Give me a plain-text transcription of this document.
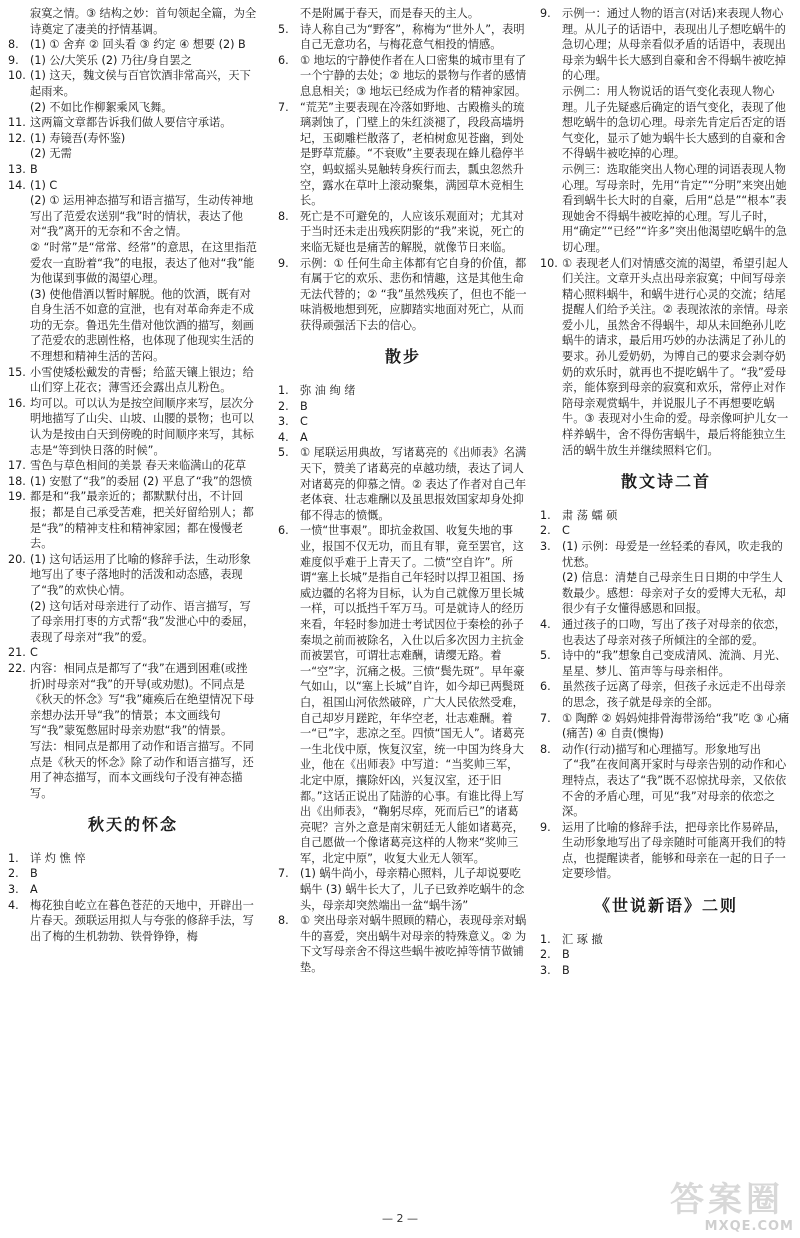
寂寞之情。③ 结构之妙：首句领起全篇，为全诗奠定了凄美的抒情基调。

8. (1) ① 舍弃 ② 回头看 ③ 约定 ④ 想要 (2) B

9. (1) 公/大笑乐 (2) 乃往/身自罢之

10. (1) 这天，魏文侯与百官饮酒非常高兴，天下起雨来。

(2) 不如比作柳絮乘风飞舞。

11. 这两篇文章都告诉我们做人要信守承诺。

12. (1) 寿镜吾(寿怀鉴)

(2) 无需

13. B

14. (1) C

(2) ① 运用神态描写和语言描写，生动传神地写出了范爱农送别“我”时的情状，表达了他对“我”离开的无奈和不舍之情。

② “时常”是“常常、经常”的意思，在这里指范爱农一直盼着“我”的电报，表达了他对“我”能为他谋到事做的渴望心理。

(3) 使他借酒以暂时解脱。他的饮酒，既有对自身生活不如意的宣泄，也有对革命奔走不成功的无奈。鲁迅先生借对他饮酒的描写，刻画了范爱农的悲剧性格，也体现了他现实生活的不理想和精神生活的苦闷。

15. 小雪使矮松戴发的青髻；给蓝天镶上银边；给山们穿上花衣；薄雪还会露出点儿粉色。

16. 均可以。可以认为是按空间顺序来写，层次分明地描写了山尖、山坡、山腰的景物；也可以认为是按由白天到傍晚的时间顺序来写，其标志是“等到快日落的时候”。

17. 雪色与草色相间的美景 春天来临满山的花草

18. (1) 安慰了“我”的委屈 (2) 平息了“我”的怨愤

19. 都是和“我”最亲近的；都默默付出，不计回报；都是自己承受苦难，把关好留给别人；都是“我”的精神支柱和精神家园；都在慢慢老去。

20. (1) 这句话运用了比喻的修辞手法，生动形象地写出了枣子落地时的活泼和动态感，表现了“我”的欢快心情。

(2) 这句话对母亲进行了动作、语言描写，写了母亲用打枣的方式帮“我”发泄心中的委屈，表现了母亲对“我”的爱。

21. C

22. 内容：相同点是都写了“我”在遇到困难(或挫折)时母亲对“我”的开导(或劝慰)。不同点是《秋天的怀念》写“我”瘫痪后在绝望情况下母亲想办法开导“我”的情景；本文画线句写“我”蒙冤憋屈时母亲劝慰“我”的情景。

写法：相同点是都用了动作和语言描写。不同点是《秋天的怀念》除了动作和语言描写，还用了神态描写，而本文画线句子没有神态描写。

秋天的怀念

1. 详 灼 憔 悴

2. B

3. A

4. 梅花独自屹立在暮色苍茫的天地中，开辟出一片春天。颈联运用拟人与夸张的修辞手法，写出了梅的生机勃勃、铁骨铮铮，梅

不是附属于春天，而是春天的主人。

5. 诗人称自己为“野客”，称梅为“世外人”，表明自己无意功名，与梅花意气相投的情感。

6. ① 地坛的宁静使作者在人口密集的城市里有了一个宁静的去处；② 地坛的景物与作者的感情息息相关；③ 地坛已经成为作者的精神家园。

7. “荒芜”主要表现在冷落如野地、古殿檐头的琉璃剥蚀了，门壁上的朱红淡褪了，段段高墙坍圮，玉砌雕栏散落了，老柏树愈见苍幽，到处是野草荒藤。“不衰败”主要表现在蜂儿稳停半空，蚂蚁摇头晃触转身疾行而去，瓢虫忽然升空，露水在草叶上滚动聚集，满园草木竞相生长。

8. 死亡是不可避免的，人应该乐观面对；尤其对于当时还未走出残疾阴影的“我”来说，死亡的来临无疑也是痛苦的解脱，就像节日来临。

9. 示例：① 任何生命主体都有它自身的价值，都有属于它的欢乐、悲伤和情趣，这是其他生命无法代替的；② “我”虽然残疾了，但也不能一味消极地想到死，应脚踏实地面对死亡，从而获得顽强活下去的信心。

散步

1. 弥 油 绚 绪

2. B

3. C

4. A

5. ① 尾联运用典故，写诸葛亮的《出师表》名满天下，赞美了诸葛亮的卓越功绩，表达了词人对诸葛亮的仰慕之情。② 表达了作者对自己年老体衰、壮志难酬以及虽思报效国家却身处抑郁不得志的愤慨。

6. 一愤“世事艰”。即抗金救国、收复失地的事业，报国不仅无功，而且有罪，竟至罢官，这难度似乎难于上青天了。二愤“空自许”。所谓“塞上长城”是指自己年轻时以捍卫祖国、扬威边疆的名将为目标，认为自己就像万里长城一样，可以抵挡千军万马。可是就诗人的经历来看，年轻时参加进士考试因位于秦桧的孙子秦埙之前而被除名，入仕以后多次因力主抗金而被罢官，可谓壮志难酬，请缨无路。着一“空”字，沉痛之极。三愤“鬓先斑”。早年豪气如山，以“塞上长城”自许，如今却已两鬓斑白，祖国山河依然破碎，广大人民依然受难，自己却岁月蹉跎，年华空老，壮志难酬。着一“已”字，悲凉之至。四愤“国无人”。诸葛亮一生北伐中原，恢复汉室，统一中国为终身大业，他在《出师表》中写道：“当奖帅三军，北定中原，攘除奸凶，兴复汉室，还于旧都。”这话正说出了陆游的心事。有谁比得上写出《出师表》，“鞠躬尽瘁，死而后已”的诸葛亮呢？言外之意是南宋朝廷无人能如诸葛亮，自己愿做一个像诸葛亮这样的人物来“奖帅三军，北定中原”，收复大业无人领军。

7. (1) 蜗牛尚小，母亲精心照料，儿子却说要吃蜗牛 (3) 蜗牛长大了，儿子已致养吃蜗牛的念头，母亲却突然端出一盆“蜗牛汤”

8. ① 突出母亲对蜗牛照顾的精心，表现母亲对蜗牛的喜爱，突出蜗牛对母亲的特殊意义。② 为下文写母亲舍不得这些蜗牛被吃掉等情节做铺垫。

9. 示例一：通过人物的语言(对话)来表现人物心理。从儿子的话语中，表现出儿子想吃蜗牛的急切心理；从母亲看似矛盾的话语中，表现出母亲为蜗牛长大感到自豪和舍不得蜗牛被吃掉的心理。

示例二：用人物说话的语气变化表现人物心理。儿子先疑惑后确定的语气变化，表现了他想吃蜗牛的急切心理。母亲先肯定后否定的语气变化，显示了她为蜗牛长大感到的自豪和舍不得蜗牛被吃掉的心理。

示例三：选取能突出人物心理的词语表现人物心理。写母亲时，先用“肯定”“分明”来突出她看到蜗牛长大时的自豪，后用“总是”“根本”表现她舍不得蜗牛被吃掉的心理。写儿子时，用“确定”“已经”“许多”突出他渴望吃蜗牛的急切心理。

10. ① 表现老人们对情感交流的渴望，希望引起人们关注。文章开头点出母亲寂寞；中间写母亲精心照料蜗牛，和蜗牛进行心灵的交流；结尾提醒人们给予关注。② 表现浓浓的亲情。母亲爱小儿，虽然舍不得蜗牛，却从未回绝孙儿吃蜗牛的请求，最后用巧妙的办法满足了孙儿的要求。孙儿爱奶奶，为博自己的要求会剥夺奶奶的欢乐时，就再也不提吃蜗牛了。“我”爱母亲，能体察到母亲的寂寞和欢乐，常停止对作陪母亲观赏蜗牛，并说服儿子不再想要吃蜗牛。③ 表现对小生命的爱。母亲像呵护儿女一样养蜗牛，舍不得伤害蜗牛，最后将能独立生活的蜗牛放生并继续照料它们。

散文诗二首

1. 肃 荡 蠕 硕

2. C

3. (1) 示例：母爱是一丝轻柔的春风，吹走我的忧愁。

(2) 信息：清楚自己母亲生日日期的中学生人数最少。感想：母亲对子女的爱博大无私，却很少有子女懂得感恩和回报。

4. 通过孩子的口吻，写出了孩子对母亲的依恋，也表达了母亲对孩子所倾注的全部的爱。

5. 诗中的“我”想象自己变成清风、流淌、月光、星星、梦儿、笛声等与母亲相伴。

6. 虽然孩子远离了母亲，但孩子永远走不出母亲的思念，孩子就是母亲的全部。

7. ① 陶醉 ② 妈妈炖排骨海带汤给“我”吃 ③ 心痛(痛苦) ④ 自责(懊悔)

8. 动作(行动)描写和心理描写。形象地写出了“我”在夜间离开家时与母亲告别的动作和心理特点，表达了“我”既不忍惊扰母亲，又依依不舍的矛盾心理，可见“我”对母亲的依恋之深。

9. 运用了比喻的修辞手法，把母亲比作易碎品，生动形象地写出了母亲随时可能离开我们的特点，也提醒读者，能够和母亲在一起的日子一定要珍惜。

《世说新语》二则

1. 汇 琢 撤

2. B

3. B

— 2 —	答案圈
MXQE.COM
